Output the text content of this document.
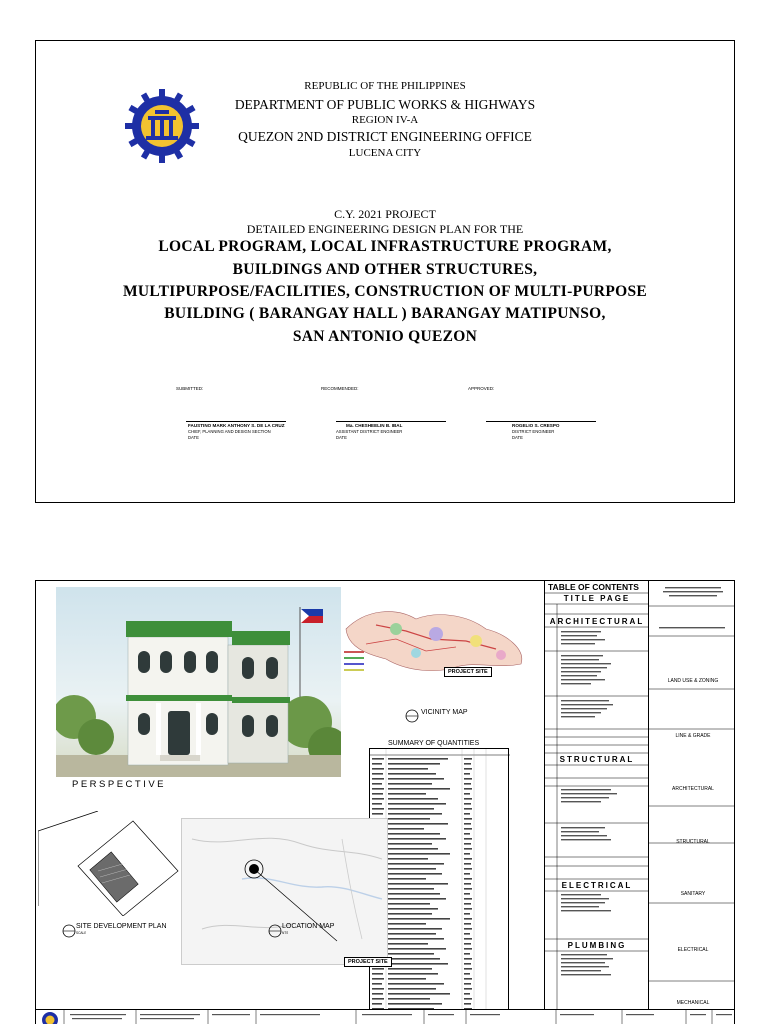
REPUBLIC OF THE PHILIPPINES
DEPARTMENT OF PUBLIC WORKS & HIGHWAYS
REGION IV-A
QUEZON 2ND DISTRICT ENGINEERING OFFICE
LUCENA CITY
C.Y. 2021 PROJECT
DETAILED ENGINEERING DESIGN PLAN FOR THE
LOCAL PROGRAM, LOCAL INFRASTRUCTURE PROGRAM,
BUILDINGS AND OTHER STRUCTURES,
MULTIPURPOSE/FACILITIES, CONSTRUCTION OF MULTI-PURPOSE
BUILDING ( BARANGAY HALL ) BARANGAY MATIPUNSO,
SAN ANTONIO QUEZON
SUBMITTED:	RECOMMENDED:	APPROVED:
FAUSTINO MARK ANTHONY S. DE LA CRUZ
CHIEF, PLANNING AND DESIGN SECTION
DATE
Ma. CHESHEELIN B. IBAL
ASSISTANT DISTRICT ENGINEER
DATE
ROGELIO S. CRESPO
DISTRICT ENGINEER
DATE
PERSPECTIVE
PROJECT SITE
VICINITY MAP
SUMMARY OF QUANTITIES
SITE DEVELOPMENT PLAN
SCALE
PROJECT SITE
LOCATION MAP
NTS
TABLE OF CONTENTS
TITLE PAGE
ARCHITECTURAL
STRUCTURAL
ELECTRICAL
PLUMBING
LAND USE & ZONING
LINE & GRADE
ARCHITECTURAL
STRUCTURAL
SANITARY
ELECTRICAL
MECHANICAL
